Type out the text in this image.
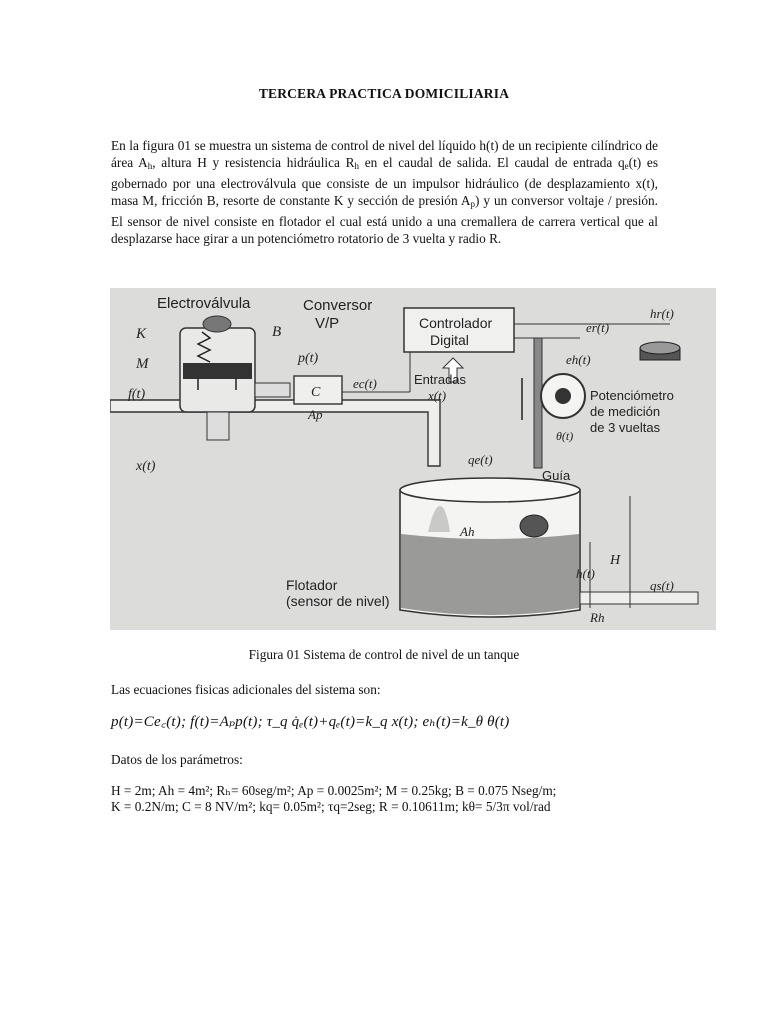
TERCERA PRACTICA DOMICILIARIA

En la figura 01 se muestra un sistema de control de nivel del líquido h(t) de un recipiente cilíndrico de área $A_h$, altura H y resistencia hidráulica $R_h$ en el caudal de salida. El caudal de entrada $q_e(t)$ es gobernado por una electroválvula que consiste de un impulsor hidráulico (de desplazamiento x(t), masa M, fricción B, resorte de constante K y sección de presión $A_p$) y un conversor voltaje / presión. El sensor de nivel consiste en flotador el cual está unido a una cremallera de carrera vertical que al desplazarse hace girar a un potenciómetro rotatorio de 3 vuelta y radio R.

Electroválvula	Conversor
V/P	Controlador
Digital
Entradas
x(t)
K	B
M
f(t)
p(t)
C
Ap
ec(t)
er(t)
eh(t)
hr(t)
Potenciómetro
de medición
de 3 vueltas
θ(t)
qe(t)
Guía
Ah
H
h(t)
qs(t)
Rh
x(t)
Flotador
(sensor de nivel)
Figura 01 Sistema de control de nivel de un tanque
Las ecuaciones fisicas adicionales del sistema son:
p(t)=Ce꜀(t); f(t)=Aₚp(t); τ_q q̇ₑ(t)+qₑ(t)=k_q x(t); eₕ(t)=k_θ θ(t)
Datos de los parámetros:
H = 2m; Ah = 4m²; Rₕ= 60seg/m²; Ap = 0.0025m²; M = 0.25kg; B = 0.075 Nseg/m;
K = 0.2N/m; C = 8 NV/m²; kq= 0.05m²; τq=2seg; R = 0.10611m; kθ= 5/3π vol/rad
